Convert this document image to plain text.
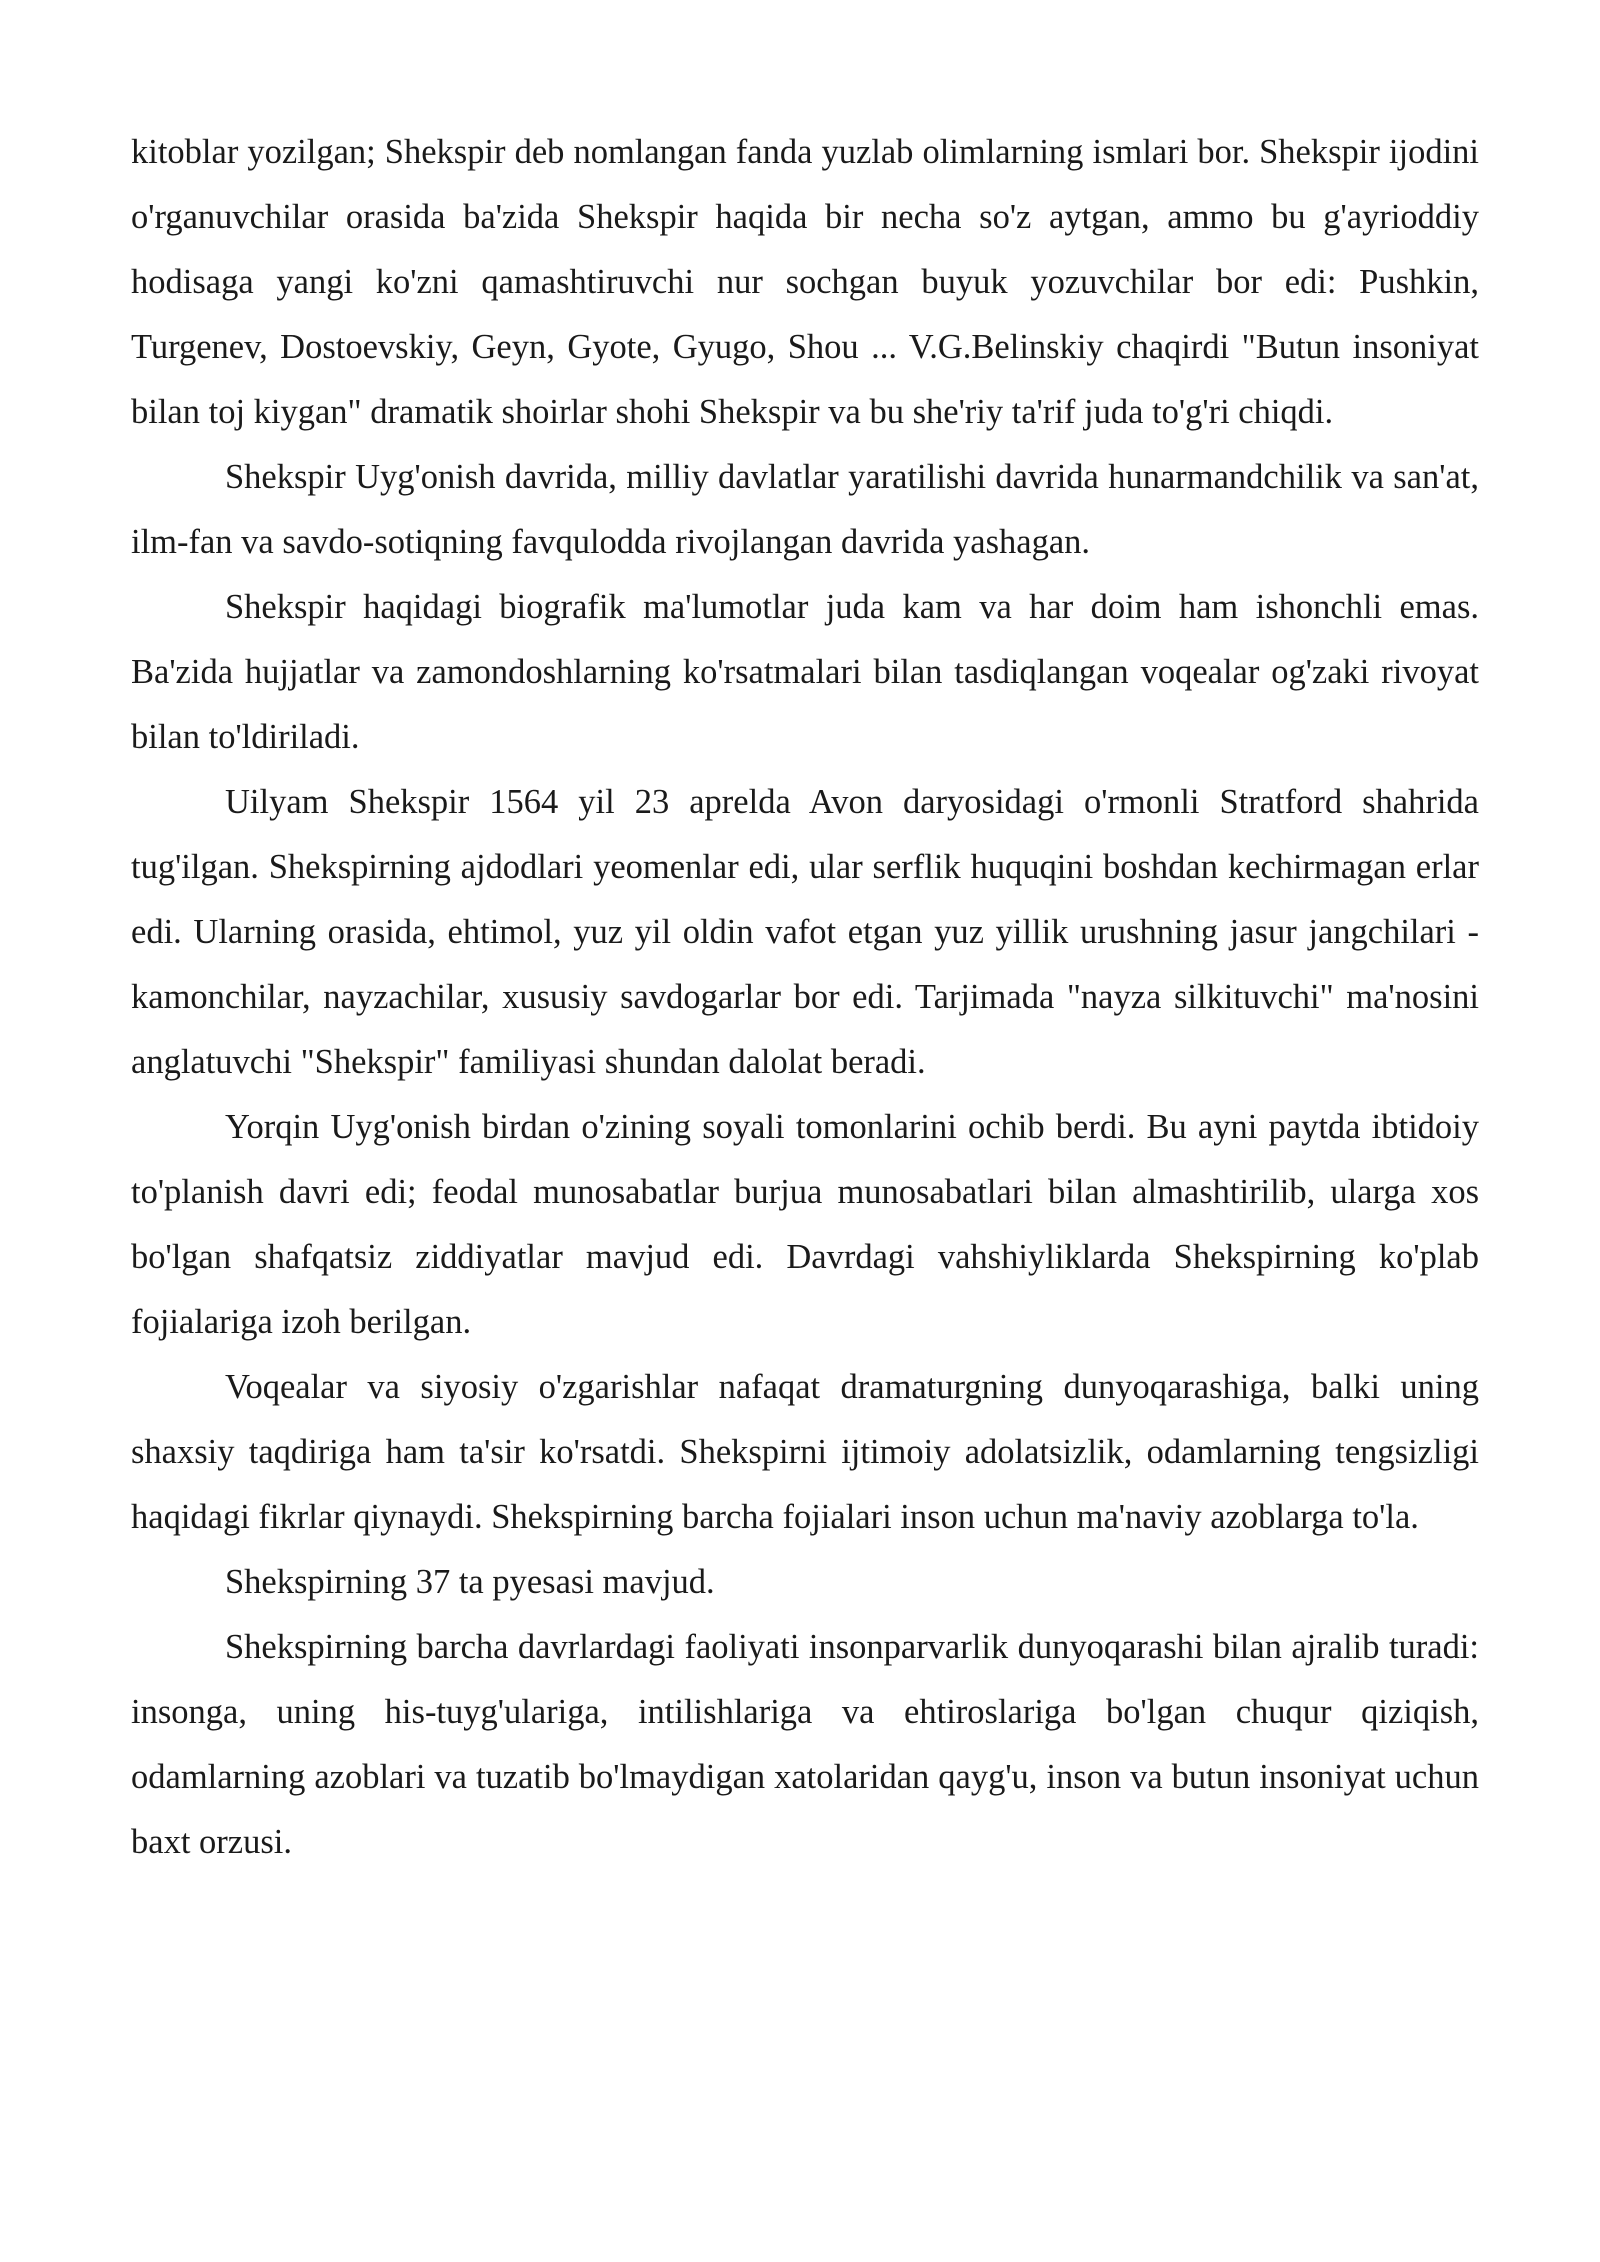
kitoblar yozilgan; Shekspir deb nomlangan fanda yuzlab olimlarning ismlari bor. Shekspir ijodini o'rganuvchilar orasida ba'zida Shekspir haqida bir necha so'z aytgan, ammo bu g'ayrioddiy hodisaga yangi ko'zni qamashtiruvchi nur sochgan buyuk yozuvchilar bor edi: Pushkin, Turgenev, Dostoevskiy, Geyn, Gyote, Gyugo, Shou ... V.G.Belinskiy chaqirdi "Butun insoniyat bilan toj kiygan" dramatik shoirlar shohi Shekspir va bu she'riy ta'rif juda to'g'ri chiqdi.

Shekspir Uyg'onish davrida, milliy davlatlar yaratilishi davrida hunarmandchilik va san'at, ilm-fan va savdo-sotiqning favqulodda rivojlangan davrida yashagan.

Shekspir haqidagi biografik ma'lumotlar juda kam va har doim ham ishonchli emas. Ba'zida hujjatlar va zamondoshlarning ko'rsatmalari bilan tasdiqlangan voqealar og'zaki rivoyat bilan to'ldiriladi.

Uilyam Shekspir 1564 yil 23 aprelda Avon daryosidagi o'rmonli Stratford shahrida tug'ilgan. Shekspirning ajdodlari yeomenlar edi, ular serflik huquqini boshdan kechirmagan erlar edi. Ularning orasida, ehtimol, yuz yil oldin vafot etgan yuz yillik urushning jasur jangchilari - kamonchilar, nayzachilar, xususiy savdogarlar bor edi. Tarjimada "nayza silkituvchi" ma'nosini anglatuvchi "Shekspir" familiyasi shundan dalolat beradi.

Yorqin Uyg'onish birdan o'zining soyali tomonlarini ochib berdi. Bu ayni paytda ibtidoiy to'planish davri edi; feodal munosabatlar burjua munosabatlari bilan almashtirilib, ularga xos bo'lgan shafqatsiz ziddiyatlar mavjud edi. Davrdagi vahshiyliklarda Shekspirning ko'plab fojialariga izoh berilgan.

Voqealar va siyosiy o'zgarishlar nafaqat dramaturgning dunyoqarashiga, balki uning shaxsiy taqdiriga ham ta'sir ko'rsatdi. Shekspirni ijtimoiy adolatsizlik, odamlarning tengsizligi haqidagi fikrlar qiynaydi. Shekspirning barcha fojialari inson uchun ma'naviy azoblarga to'la.

Shekspirning 37 ta pyesasi mavjud.

Shekspirning barcha davrlardagi faoliyati insonparvarlik dunyoqarashi bilan ajralib turadi: insonga, uning his-tuyg'ulariga, intilishlariga va ehtiroslariga bo'lgan chuqur qiziqish, odamlarning azoblari va tuzatib bo'lmaydigan xatolaridan qayg'u, inson va butun insoniyat uchun baxt orzusi.
